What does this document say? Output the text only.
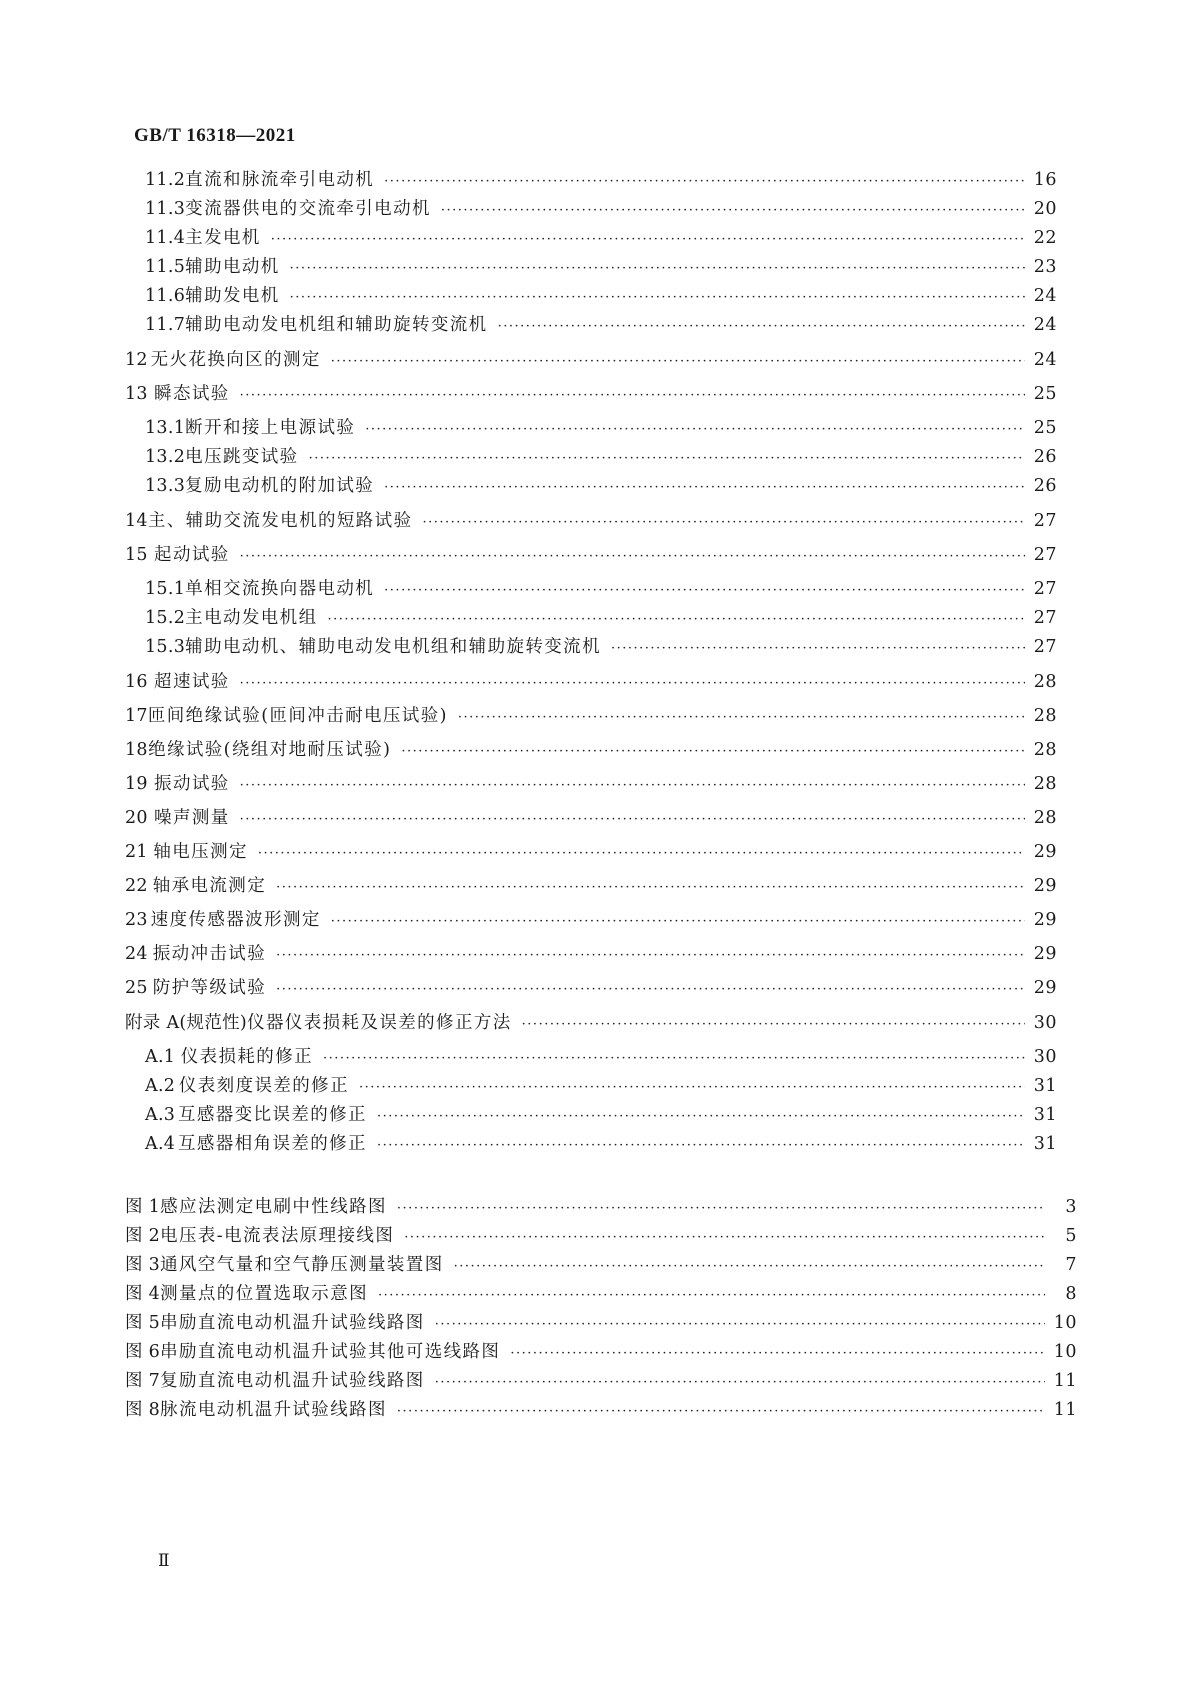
GB/T 16318—2021
11.2 直流和脉流牵引电动机 ·····	16
11.3 变流器供电的交流牵引电动机 ·····	20
11.4 主发电机 ·····	22
11.5 辅助电动机 ·····	23
11.6 辅助发电机 ·····	24
11.7 辅助电动发电机组和辅助旋转变流机 ·····	24
12 无火花换向区的测定 ·····	24
13 瞬态试验 ·····	25
13.1 断开和接上电源试验 ·····	25
13.2 电压跳变试验 ·····	26
13.3 复励电动机的附加试验 ·····	26
14 主、辅助交流发电机的短路试验 ·····	27
15 起动试验 ·····	27
15.1 单相交流换向器电动机 ·····	27
15.2 主电动发电机组 ·····	27
15.3 辅助电动机、辅助电动发电机组和辅助旋转变流机 ·····	27
16 超速试验 ·····	28
17 匝间绝缘试验(匝间冲击耐电压试验) ·····	28
18 绝缘试验(绕组对地耐压试验) ·····	28
19 振动试验 ·····	28
20 噪声测量 ·····	28
21 轴电压测定 ·····	29
22 轴承电流测定 ·····	29
23 速度传感器波形测定 ·····	29
24 振动冲击试验 ·····	29
25 防护等级试验 ·····	29
附录 A(规范性) 仪器仪表损耗及误差的修正方法 ·····	30
A.1 仪表损耗的修正 ·····	30
A.2 仪表刻度误差的修正 ·····	31
A.3 互感器变比误差的修正 ·····	31
A.4 互感器相角误差的修正 ·····	31
图 1 感应法测定电刷中性线路图 ·····	3
图 2 电压表-电流表法原理接线图 ·····	5
图 3 通风空气量和空气静压测量装置图 ·····	7
图 4 测量点的位置选取示意图 ·····	8
图 5 串励直流电动机温升试验线路图 ·····	10
图 6 串励直流电动机温升试验其他可选线路图 ·····	10
图 7 复励直流电动机温升试验线路图 ·····	11
图 8 脉流电动机温升试验线路图 ·····	11
Ⅱ
